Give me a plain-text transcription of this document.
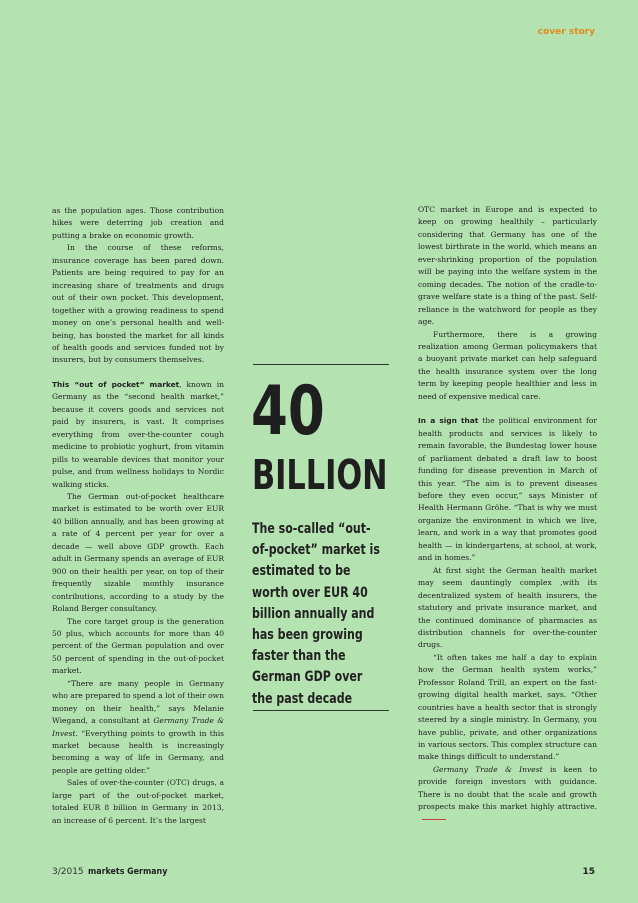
cover story

as the population ages. Those contribution hikes were deterring job creation and putting a brake on economic growth.

In the course of these reforms, insurance coverage has been pared down. Patients are being required to pay for an increasing share of treatments and drugs out of their own pocket. This development, together with a growing readiness to spend money on one’s personal health and well-being, has boosted the market for all kinds of health goods and services funded not by insurers, but by consumers themselves.

This “out of pocket” market, known in Germany as the “second health market,” because it covers goods and services not paid by insurers, is vast. It comprises everything from over-the-counter cough medicine to probiotic yoghurt, from vitamin pills to wearable devices that monitor your pulse, and from wellness holidays to Nordic walking sticks.

The German out-of-pocket healthcare market is estimated to be worth over EUR 40 billion annually, and has been growing at a rate of 4 percent per year for over a decade — well above GDP growth. Each adult in Germany spends an average of EUR 900 on their health per year, on top of their frequently sizable monthly insurance contributions, according to a study by the Roland Berger consultancy.

The core target group is the generation 50 plus, which accounts for more than 40 percent of the German population and over 50 percent of spending in the out-of-pocket market.

“There are many people in Germany who are prepared to spend a lot of their own money on their health,” says Melanie Wiegand, a consultant at Germany Trade & Invest. “Everything points to growth in this market because health is increasingly becoming a way of life in Germany, and people are getting older.”

Sales of over-the-counter (OTC) drugs, a large part of the out-of-pocket market, totaled EUR 8 billion in Germany in 2013, an increase of 6 percent. It’s the largest

40
BILLION
The so-called “out-of-pocket” market is estimated to be worth over EUR 40 billion annually and has been growing faster than the German GDP over the past decade

OTC market in Europe and is expected to keep on growing healthily – particularly considering that Germany has one of the lowest birthrate in the world, which means an ever-shrinking proportion of the population will be paying into the welfare system in the coming decades. The notion of the cradle-to-grave welfare state is a thing of the past. Self-reliance is the watchword for people as they age.

Furthermore, there is a growing realization among German policymakers that a buoyant private market can help safeguard the health insurance system over the long term by keeping people healthier and less in need of expensive medical care.

In a sign that the political environment for health products and services is likely to remain favorable, the Bundestag lower house of parliament debated a draft law to boost funding for disease prevention in March of this year. “The aim is to prevent diseases before they even occur,” says Minister of Health Hermann Gröhe. “That is why we must organize the environment in which we live, learn, and work in a way that promotes good health — in kindergartens, at school, at work, and in homes.”

At first sight the German health market may seem dauntingly complex ,with its decentralized system of health insurers, the statutory and private insurance market, and the continued dominance of pharmacies as distribution channels for over-the-counter drugs.

“It often takes me half a day to explain how the German health system works,” Professor Roland Trill, an expert on the fast-growing digital health market, says. “Other countries have a health sector that is strongly steered by a single ministry. In Germany, you have public, private, and other organizations in various sectors. This complex structure can make things difficult to understand.”

Germany Trade & Invest is keen to provide foreign investors with guidance. There is no doubt that the scale and growth prospects make this market highly attractive.

3/2015 markets Germany	15
